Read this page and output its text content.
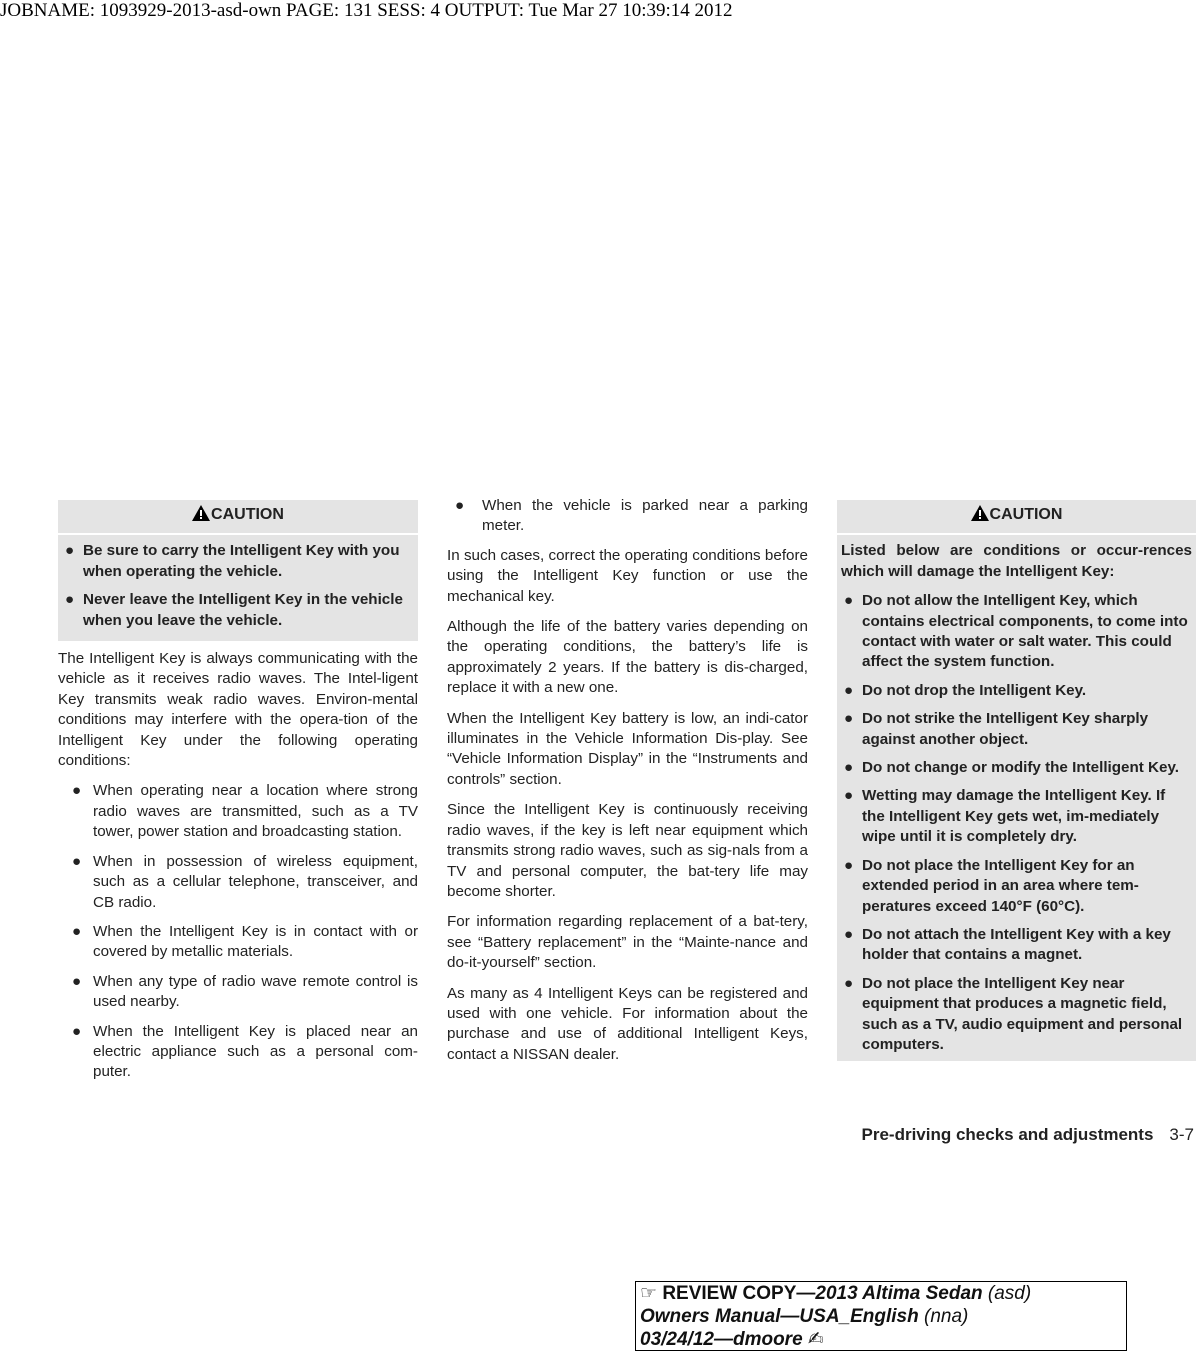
JOBNAME: 1093929-2013-asd-own PAGE: 131 SESS: 4 OUTPUT: Tue Mar 27 10:39:14 2012
CAUTION
● Be sure to carry the Intelligent Key with you when operating the vehicle.
● Never leave the Intelligent Key in the vehicle when you leave the vehicle.

The Intelligent Key is always communicating with the vehicle as it receives radio waves. The Intel-ligent Key transmits weak radio waves. Environ-mental conditions may interfere with the opera-tion of the Intelligent Key under the following operating conditions:

● When operating near a location where strong radio waves are transmitted, such as a TV tower, power station and broadcasting station.
● When in possession of wireless equipment, such as a cellular telephone, transceiver, and CB radio.
● When the Intelligent Key is in contact with or covered by metallic materials.
● When any type of radio wave remote control is used nearby.
● When the Intelligent Key is placed near an electric appliance such as a personal com-puter.
● When the vehicle is parked near a parking meter.

In such cases, correct the operating conditions before using the Intelligent Key function or use the mechanical key.

Although the life of the battery varies depending on the operating conditions, the battery’s life is approximately 2 years. If the battery is dis-charged, replace it with a new one.

When the Intelligent Key battery is low, an indi-cator illuminates in the Vehicle Information Dis-play. See “Vehicle Information Display” in the “Instruments and controls” section.

Since the Intelligent Key is continuously receiving radio waves, if the key is left near equipment which transmits strong radio waves, such as sig-nals from a TV and personal computer, the bat-tery life may become shorter.

For information regarding replacement of a bat-tery, see “Battery replacement” in the “Mainte-nance and do-it-yourself” section.

As many as 4 Intelligent Keys can be registered and used with one vehicle. For information about the purchase and use of additional Intelligent Keys, contact a NISSAN dealer.

CAUTION
Listed below are conditions or occur-rences which will damage the Intelligent Key:
● Do not allow the Intelligent Key, which contains electrical components, to come into contact with water or salt water. This could affect the system function.
● Do not drop the Intelligent Key.
● Do not strike the Intelligent Key sharply against another object.
● Do not change or modify the Intelligent Key.
● Wetting may damage the Intelligent Key. If the Intelligent Key gets wet, im-mediately wipe until it is completely dry.
● Do not place the Intelligent Key for an extended period in an area where tem-peratures exceed 140°F (60°C).
● Do not attach the Intelligent Key with a key holder that contains a magnet.
● Do not place the Intelligent Key near equipment that produces a magnetic field, such as a TV, audio equipment and personal computers.
Pre-driving checks and adjustments 3-7
☞ REVIEW COPY—2013 Altima Sedan (asd)
Owners Manual—USA_English (nna)
03/24/12—dmoore ✍
